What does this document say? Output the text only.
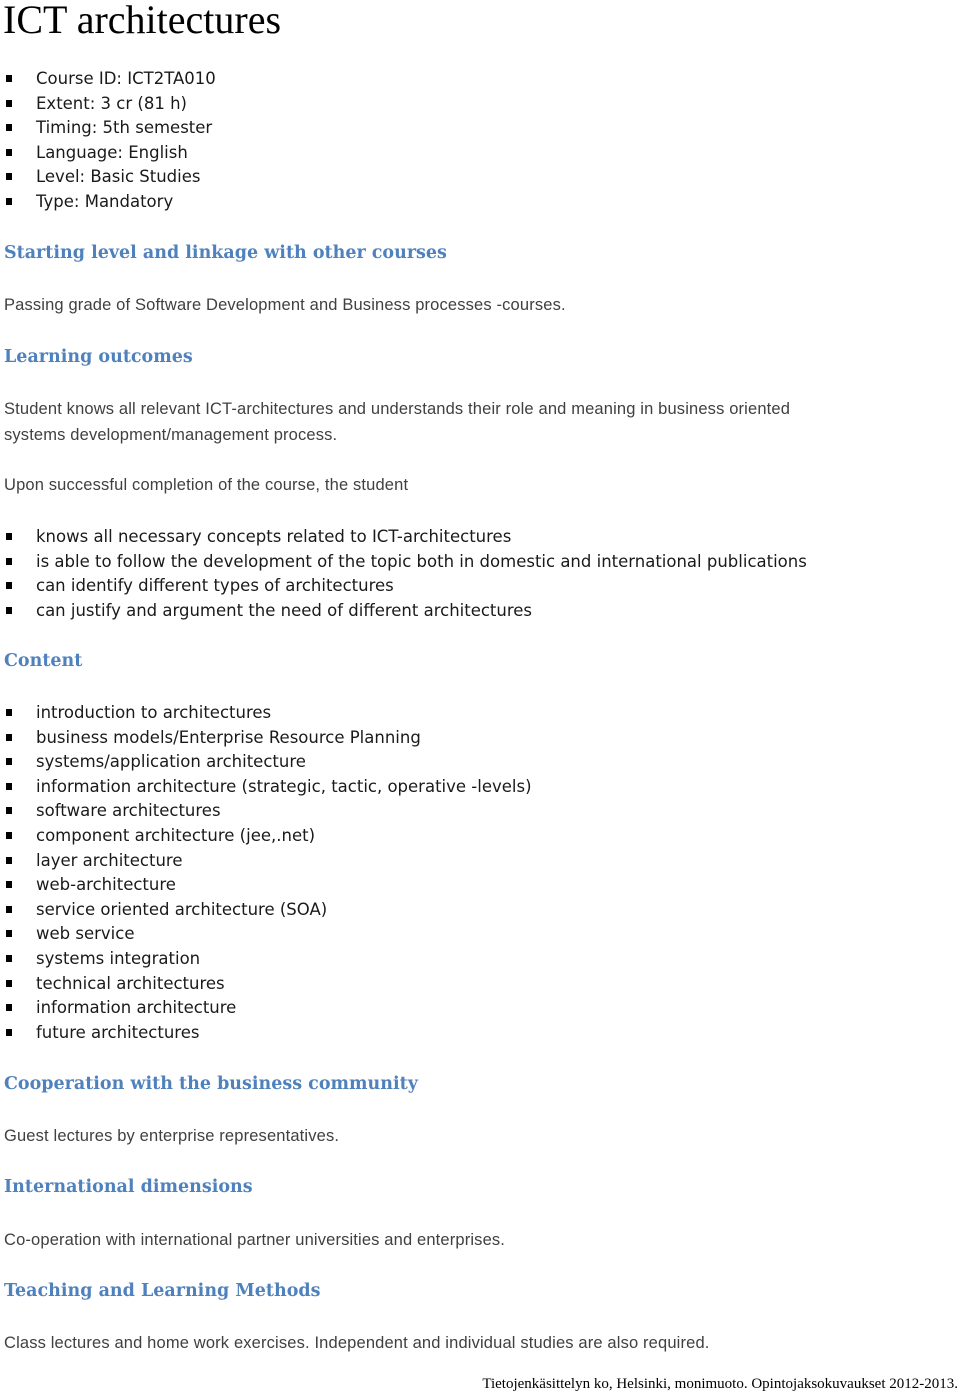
ICT architectures
Course ID: ICT2TA010
Extent: 3 cr (81 h)
Timing: 5th semester
Language: English
Level: Basic Studies
Type: Mandatory
Starting level and linkage with other courses

Passing grade of Software Development and Business processes -courses.

Learning outcomes

Student knows all relevant ICT-architectures and understands their role and meaning in business oriented systems development/management process.

Upon successful completion of the course, the student

knows all necessary concepts related to ICT-architectures
is able to follow the development of the topic both in domestic and international publications
can identify different types of architectures
can justify and argument the need of different architectures
Content
introduction to architectures
business models/Enterprise Resource Planning
systems/application architecture
information architecture (strategic, tactic, operative -levels)
software architectures
component architecture (jee,.net)
layer architecture
web-architecture
service oriented architecture (SOA)
web service
systems integration
technical architectures
information architecture
future architectures
Cooperation with the business community

Guest lectures by enterprise representatives.

International dimensions

Co-operation with international partner universities and enterprises.

Teaching and Learning Methods

Class lectures and home work exercises. Independent and individual studies are also required.

Tietojenkäsittelyn ko, Helsinki, monimuoto. Opintojaksokuvaukset 2012-2013.
